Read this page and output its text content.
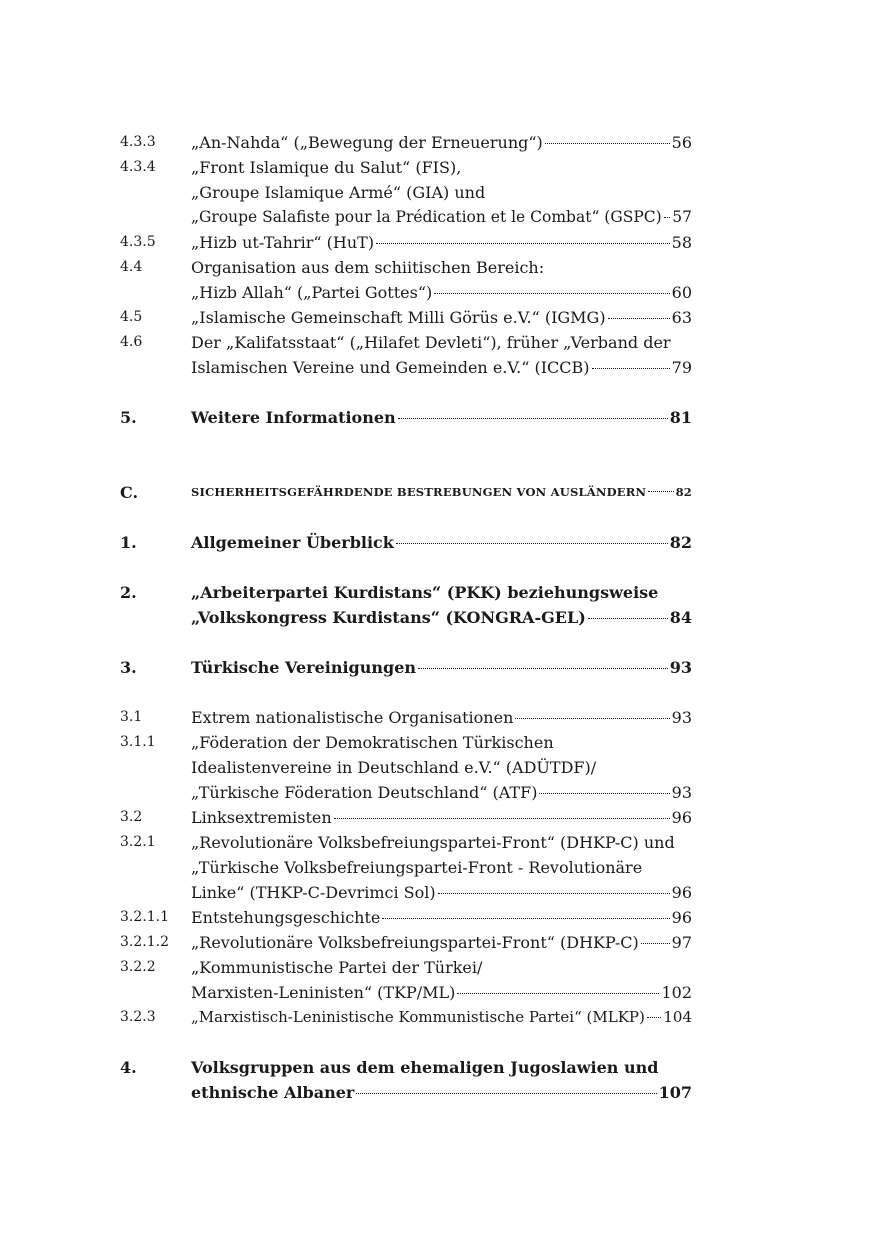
4.3.3	„An-Nahda“ („Bewegung der Erneuerung“)	56
4.3.4	„Front Islamique du Salut“ (FIS),
„Groupe Islamique Armé“ (GIA) und
„Groupe Salafiste pour la Prédication et le Combat“ (GSPC) 57
4.3.5	„Hizb ut-Tahrir“ (HuT)	58
4.4	Organisation aus dem schiitischen Bereich:
„Hizb Allah“ („Partei Gottes“)	60
4.5	„Islamische Gemeinschaft Milli Görüs e.V.“ (IGMG)	63
4.6	Der „Kalifatsstaat“ („Hilafet Devleti“), früher „Verband der
Islamischen Vereine und Gemeinden e.V.“ (ICCB)	79
5.	Weitere Informationen	81
C.	SICHERHEITSGEFÄHRDENDE BESTREBUNGEN VON AUSLÄNDERN	82
1.	Allgemeiner Überblick	82
2.	„Arbeiterpartei Kurdistans“ (PKK) beziehungsweise
„Volkskongress Kurdistans“ (KONGRA-GEL)	84
3.	Türkische Vereinigungen	93
3.1	Extrem nationalistische Organisationen	93
3.1.1	„Föderation der Demokratischen Türkischen
Idealistenvereine in Deutschland e.V.“ (ADÜTDF)/
„Türkische Föderation Deutschland“ (ATF)	93
3.2	Linksextremisten	96
3.2.1	„Revolutionäre Volksbefreiungspartei-Front“ (DHKP-C) und
„Türkische Volksbefreiungspartei-Front - Revolutionäre
Linke“ (THKP-C-Devrimci Sol)	96
3.2.1.1	Entstehungsgeschichte	96
3.2.1.2	„Revolutionäre Volksbefreiungspartei-Front“ (DHKP-C) 97
3.2.2	„Kommunistische Partei der Türkei/
Marxisten-Leninisten“ (TKP/ML)	102
3.2.3	„Marxistisch-Leninistische Kommunistische Partei“ (MLKP) 104
4.	Volksgruppen aus dem ehemaligen Jugoslawien und
ethnische Albaner	107
